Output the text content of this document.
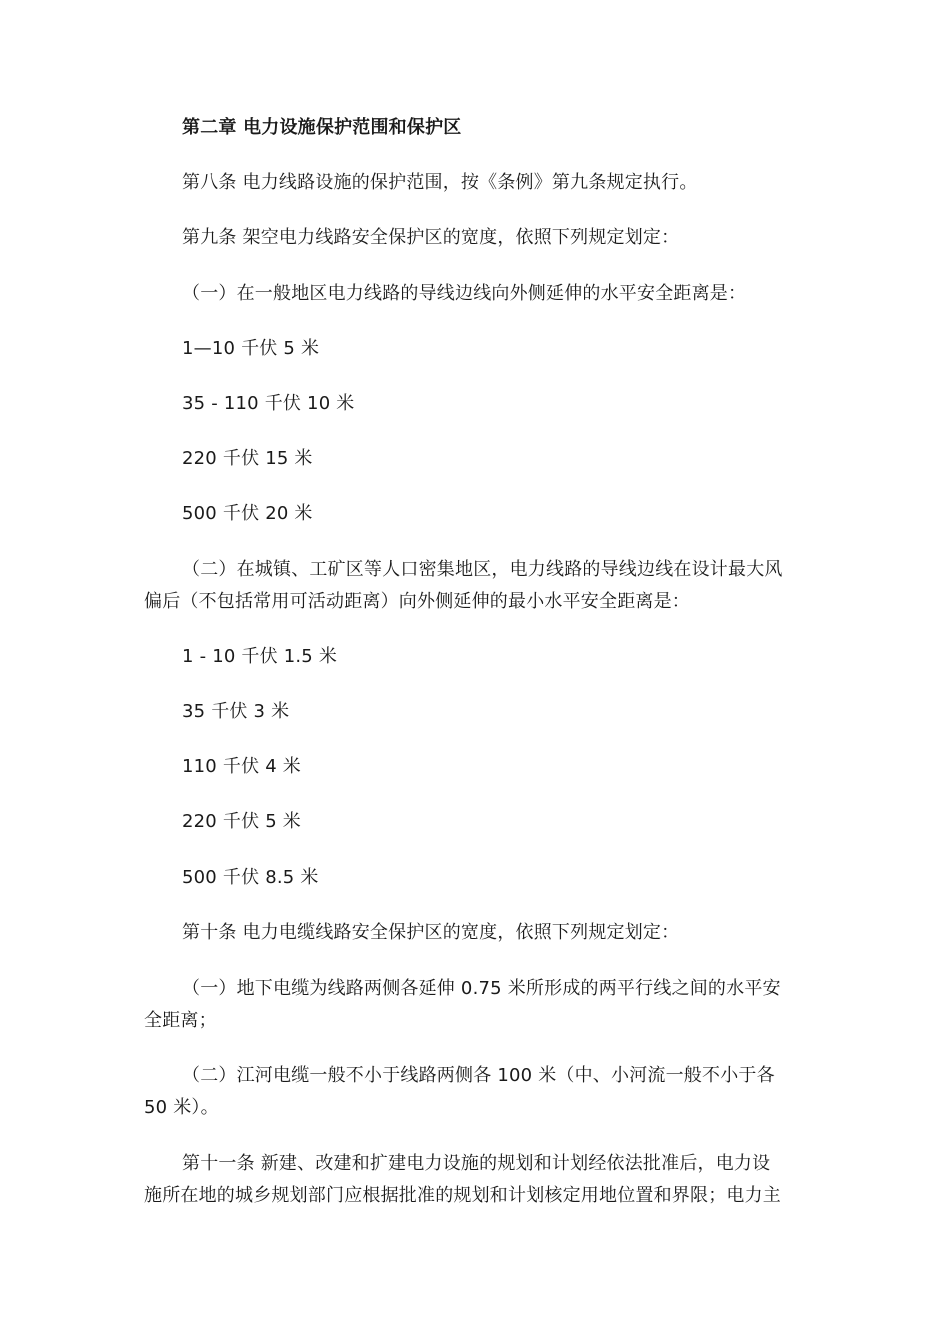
第二章 电力设施保护范围和保护区
第八条 电力线路设施的保护范围，按《条例》第九条规定执行。
第九条 架空电力线路安全保护区的宽度，依照下列规定划定：
（一）在一般地区电力线路的导线边线向外侧延伸的水平安全距离是：
1—10 千伏 5 米
35 - 110 千伏 10 米
220 千伏 15 米
500 千伏 20 米
（二）在城镇、工矿区等人口密集地区，电力线路的导线边线在设计最大风
偏后（不包括常用可活动距离）向外侧延伸的最小水平安全距离是：
1 - 10 千伏 1.5 米
35 千伏 3 米
110 千伏 4 米
220 千伏 5 米
500 千伏 8.5 米
第十条 电力电缆线路安全保护区的宽度，依照下列规定划定：
（一）地下电缆为线路两侧各延伸 0.75 米所形成的两平行线之间的水平安
全距离；
（二）江河电缆一般不小于线路两侧各 100 米（中、小河流一般不小于各
50 米）。
第十一条 新建、改建和扩建电力设施的规划和计划经依法批准后，电力设
施所在地的城乡规划部门应根据批准的规划和计划核定用地位置和界限；电力主
